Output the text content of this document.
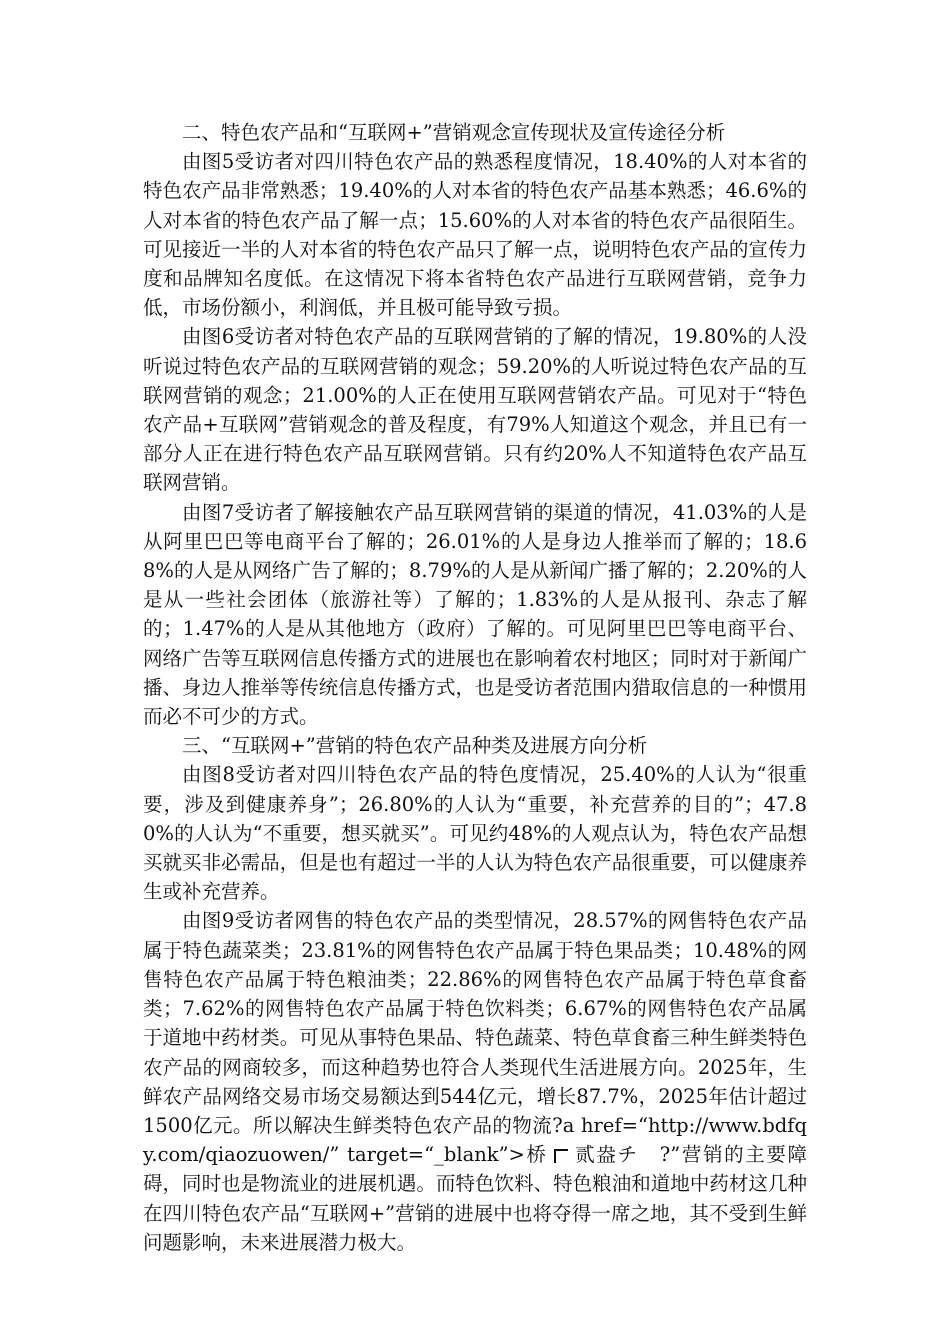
二、特色农产品和“互联网+”营销观念宣传现状及宣传途径分析

由图5受访者对四川特色农产品的熟悉程度情况，18.40%的人对本省的特色农产品非常熟悉；19.40%的人对本省的特色农产品基本熟悉；46.6%的人对本省的特色农产品了解一点；15.60%的人对本省的特色农产品很陌生。可见接近一半的人对本省的特色农产品只了解一点，说明特色农产品的宣传力度和品牌知名度低。在这情况下将本省特色农产品进行互联网营销，竞争力低，市场份额小，利润低，并且极可能导致亏损。

由图6受访者对特色农产品的互联网营销的了解的情况，19.80%的人没听说过特色农产品的互联网营销的观念；59.20%的人听说过特色农产品的互联网营销的观念；21.00%的人正在使用互联网营销农产品。可见对于“特色农产品+互联网”营销观念的普及程度，有79%人知道这个观念，并且已有一部分人正在进行特色农产品互联网营销。只有约20%人不知道特色农产品互联网营销。

由图7受访者了解接触农产品互联网营销的渠道的情况，41.03%的人是从阿里巴巴等电商平台了解的；26.01%的人是身边人推举而了解的；18.68%的人是从网络广告了解的；8.79%的人是从新闻广播了解的；2.20%的人是从一些社会团体（旅游社等）了解的；1.83%的人是从报刊、杂志了解的；1.47%的人是从其他地方（政府）了解的。可见阿里巴巴等电商平台、网络广告等互联网信息传播方式的进展也在影响着农村地区；同时对于新闻广播、身边人推举等传统信息传播方式，也是受访者范围内猎取信息的一种惯用而必不可少的方式。

三、“互联网+”营销的特色农产品种类及进展方向分析

由图8受访者对四川特色农产品的特色度情况，25.40%的人认为“很重要，涉及到健康养身”；26.80%的人认为“重要，补充营养的目的”；47.80%的人认为“不重要，想买就买”。可见约48%的人观点认为，特色农产品想买就买非必需品，但是也有超过一半的人认为特色农产品很重要，可以健康养生或补充营养。

由图9受访者网售的特色农产品的类型情况，28.57%的网售特色农产品属于特色蔬菜类；23.81%的网售特色农产品属于特色果品类；10.48%的网售特色农产品属于特色粮油类；22.86%的网售特色农产品属于特色草食畜类；7.62%的网售特色农产品属于特色饮料类；6.67%的网售特色农产品属于道地中药材类。可见从事特色果品、特色蔬菜、特色草食畜三种生鲜类特色农产品的网商较多，而这种趋势也符合人类现代生活进展方向。2025年，生鲜农产品网络交易市场交易额达到544亿元，增长87.7%，2025年估计超过1500亿元。所以解决生鲜类特色农产品的物流?a href=“http://www.bdfqy.com/qiaozuowen/” target=“_blank”>桥 贰盎チ　?”营销的主要障碍，同时也是物流业的进展机遇。而特色饮料、特色粮油和道地中药材这几种在四川特色农产品“互联网+”营销的进展中也将夺得一席之地，其不受到生鲜问题影响，未来进展潜力极大。
